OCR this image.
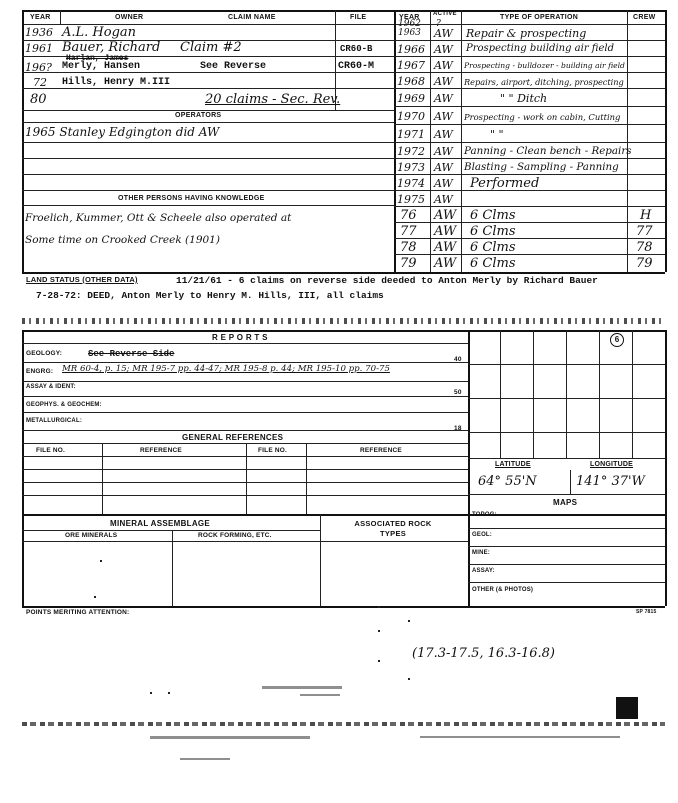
YEAR	OWNER	CLAIM NAME	FILE	YEAR ACTIVE	TYPE OF OPERATION	CREW
1936 A.L. Hogan
1961 Bauer, Richard Claim #2	CR60-B
Harlan, James
196? Merly, Hansen	See Reverse	CR60-M
72 Hills, Henry M.III
80	20 claims - Sec. Rev.
OPERATORS
1965 Stanley Edgington did AW
OTHER PERSONS HAVING KNOWLEDGE
Froelich, Kummer, Ott & Scheele also operated at
Some time on Crooked Creek (1901)
1962 ?
1963 AW Repair & prospecting
1966 AW Prospecting building air field
1967 AW Prospecting - bulldozer - building air field
1968 AW Repairs, airport, ditching, prospecting
1969 AW	" " Ditch
1970 AW Prospecting - work on cabin, Cutting
1971 AW	" "
1972 AW Panning - Clean bench - Repairs
1973 AW Blasting - Sampling - Panning
1974 AW Performed
1975 AW
76 AW 6 Clms	H
77 AW 6 Clms	77
78 AW 6 Clms	78
79 AW 6 Clms	79
LAND STATUS (OTHER DATA)	11/21/61 - 6 claims on reverse side deeded to Anton Merly by Richard Bauer
7-28-72: DEED, Anton Merly to Henry M. Hills, III, all claims
R E P O R T S
GEOLOGY:	See Reverse Side
40
ENGRG: MR 60-4, p. 15; MR 195-7 pp. 44-47; MR 195-8 p. 44; MR 195-10 pp. 70-75
ASSAY & IDENT:
50
GEOPHYS. & GEOCHEM:
METALLURGICAL:
18
GENERAL REFERENCES
FILE NO.	REFERENCE	FILE NO.	REFERENCE
6
LATITUDE	LONGITUDE
64° 55'N	141° 37'W
MAPS
TOPOG:
GEOL:
MINE:
ASSAY:
OTHER (& PHOTOS)
MINERAL ASSEMBLAGE	ASSOCIATED ROCK TYPES
ORE MINERALS	ROCK FORMING, ETC.
POINTS MERITING ATTENTION:	SP 7815
(17.3-17.5, 16.3-16.8)
